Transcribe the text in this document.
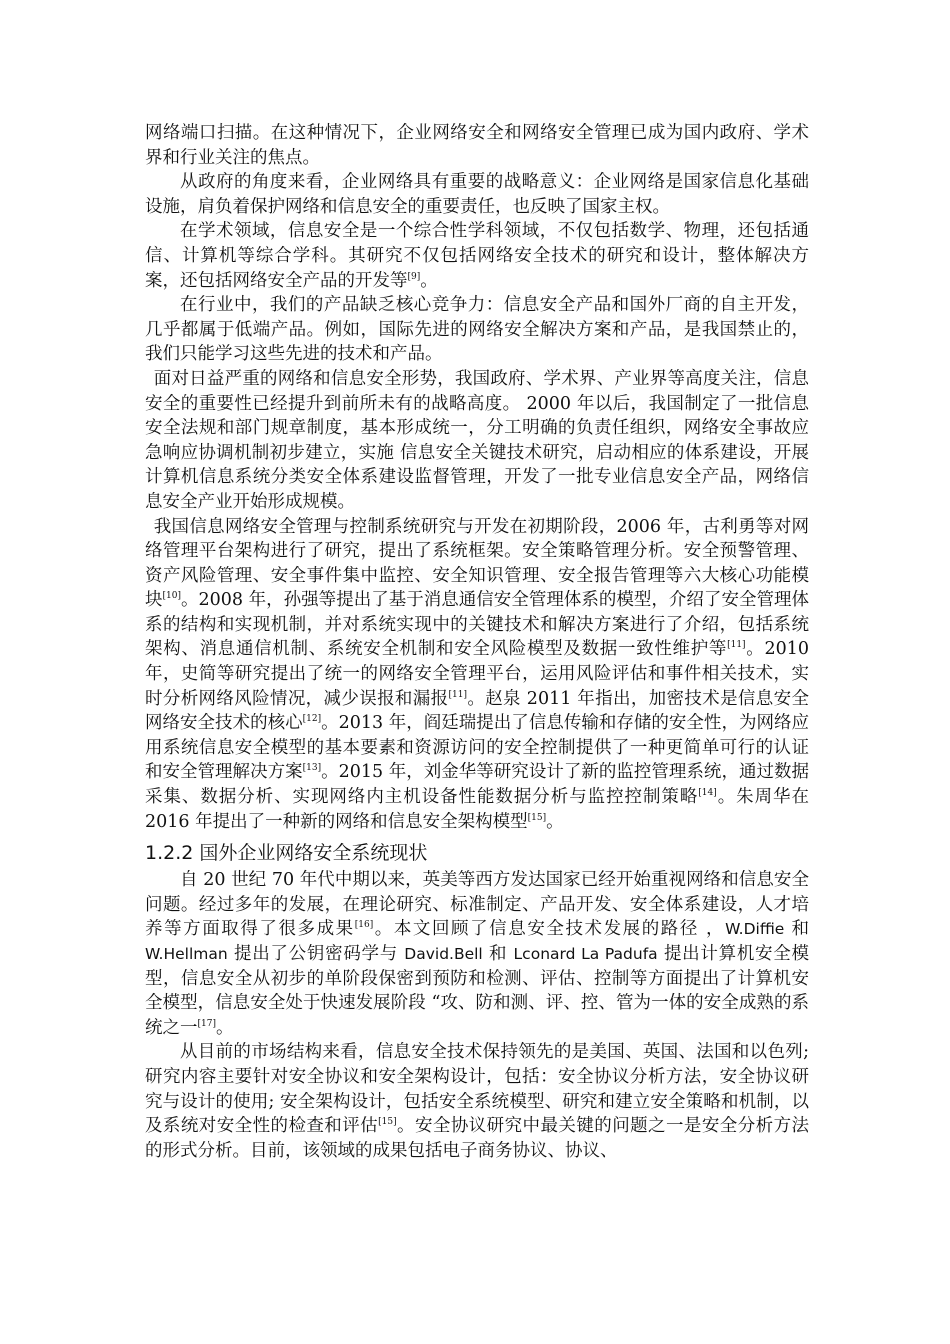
网络端口扫描。在这种情况下，企业网络安全和网络安全管理已成为国内政府、学术界和行业关注的焦点。

从政府的角度来看，企业网络具有重要的战略意义：企业网络是国家信息化基础设施，肩负着保护网络和信息安全的重要责任，也反映了国家主权。

在学术领域，信息安全是一个综合性学科领域，不仅包括数学、物理，还包括通信、计算机等综合学科。其研究不仅包括网络安全技术的研究和设计，整体解决方案，还包括网络安全产品的开发等[9]。

在行业中，我们的产品缺乏核心竞争力：信息安全产品和国外厂商的自主开发，几乎都属于低端产品。例如，国际先进的网络安全解决方案和产品，是我国禁止的，我们只能学习这些先进的技术和产品。

面对日益严重的网络和信息安全形势，我国政府、学术界、产业界等高度关注，信息安全的重要性已经提升到前所未有的战略高度。 2000 年以后，我国制定了一批信息安全法规和部门规章制度，基本形成统一，分工明确的负责任组织，网络安全事故应急响应协调机制初步建立，实施 信息安全关键技术研究，启动相应的体系建设，开展计算机信息系统分类安全体系建设监督管理，开发了一批专业信息安全产品，网络信息安全产业开始形成规模。

我国信息网络安全管理与控制系统研究与开发在初期阶段，2006 年，古利勇等对网络管理平台架构进行了研究，提出了系统框架。安全策略管理分析。安全预警管理、资产风险管理、安全事件集中监控、安全知识管理、安全报告管理等六大核心功能模块[10]。2008 年，孙强等提出了基于消息通信安全管理体系的模型，介绍了安全管理体系的结构和实现机制，并对系统实现中的关键技术和解决方案进行了介绍，包括系统架构、消息通信机制、系统安全机制和安全风险模型及数据一致性维护等[11]。2010 年，史简等研究提出了统一的网络安全管理平台，运用风险评估和事件相关技术，实时分析网络风险情况，减少误报和漏报[11]。赵泉 2011 年指出，加密技术是信息安全网络安全技术的核心[12]。2013 年，阎廷瑞提出了信息传输和存储的安全性，为网络应用系统信息安全模型的基本要素和资源访问的安全控制提供了一种更简单可行的认证和安全管理解决方案[13]。2015 年，刘金华等研究设计了新的监控管理系统，通过数据采集、数据分析、实现网络内主机设备性能数据分析与监控控制策略[14]。朱周华在 2016 年提出了一种新的网络和信息安全架构模型[15]。

1.2.2 国外企业网络安全系统现状

自 20 世纪 70 年代中期以来，英美等西方发达国家已经开始重视网络和信息安全问题。经过多年的发展，在理论研究、标准制定、产品开发、安全体系建设，人才培养等方面取得了很多成果[16]。本文回顾了信息安全技术发展的路径 ，W.Diffie 和 W.Hellman 提出了公钥密码学与 David.Bell 和 Lconard La Padufa 提出计算机安全模型，信息安全从初步的单阶段保密到预防和检测、评估、控制等方面提出了计算机安全模型，信息安全处于快速发展阶段 “攻、防和测、评、控、管为一体的安全成熟的系统之一[17]。

从目前的市场结构来看，信息安全技术保持领先的是美国、英国、法国和以色列; 研究内容主要针对安全协议和安全架构设计，包括：安全协议分析方法，安全协议研究与设计的使用; 安全架构设计，包括安全系统模型、研究和建立安全策略和机制，以及系统对安全性的检查和评估[15]。安全协议研究中最关键的问题之一是安全分析方法的形式分析。目前，该领域的成果包括电子商务协议、协议、
